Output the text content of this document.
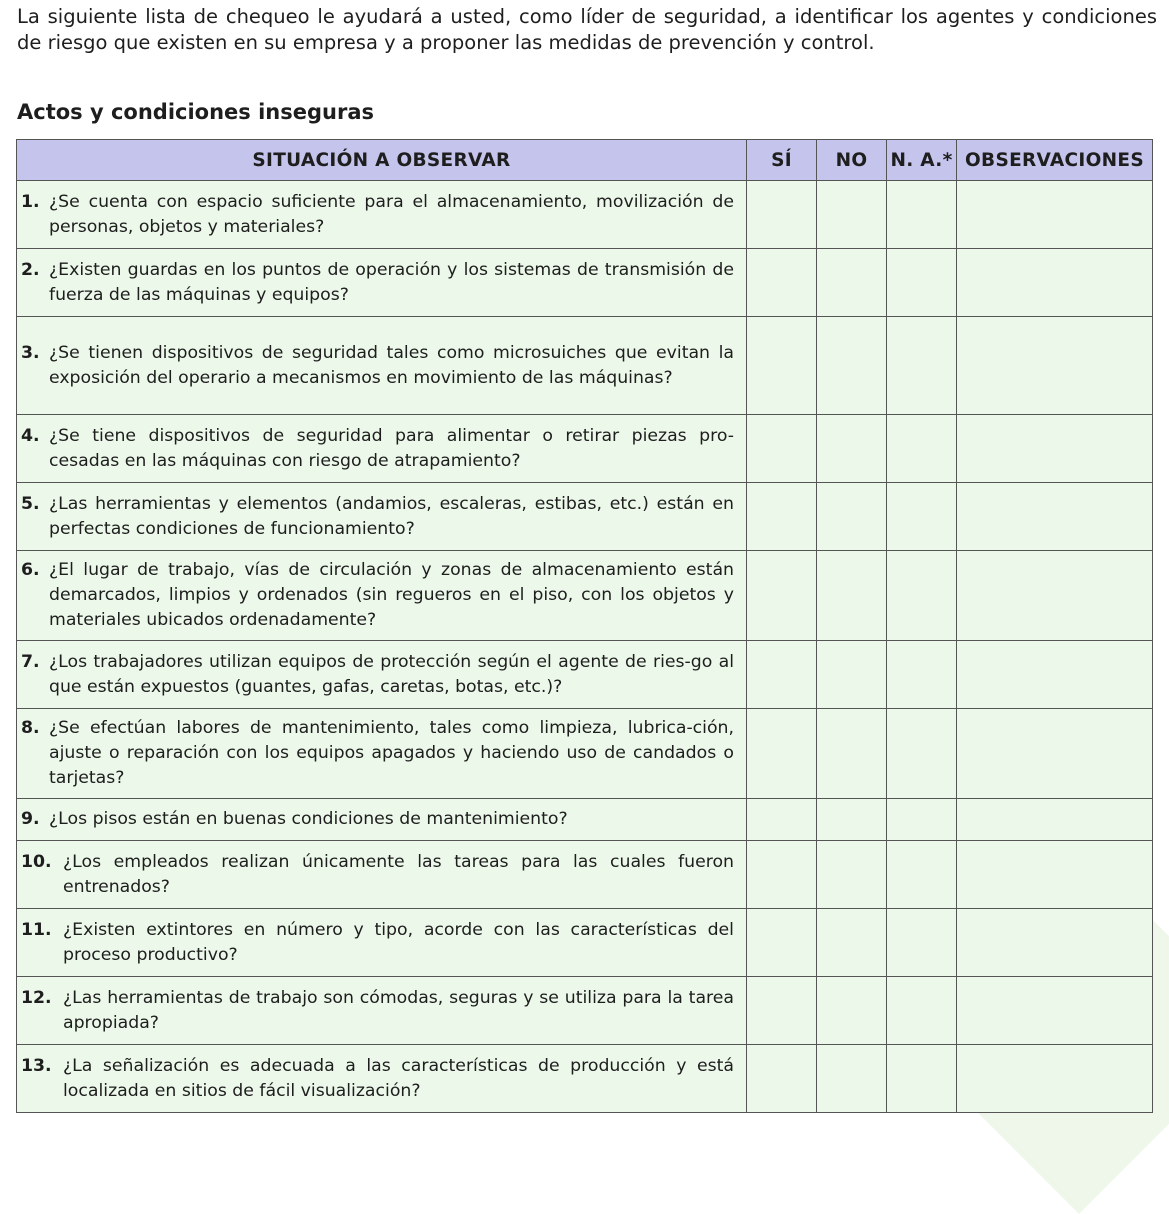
La siguiente lista de chequeo le ayudará a usted, como líder de seguridad, a identificar los agentes y condiciones de riesgo que existen en su empresa y a proponer las medidas de prevención y control.

Actos y condiciones inseguras
SITUACIÓN A OBSERVAR	SÍ	NO	N. A.*	OBSERVACIONES

1. ¿Se cuenta con espacio suficiente para el almacenamiento, movilización de personas, objetos y materiales?				

2. ¿Existen guardas en los puntos de operación y los sistemas de transmisión de fuerza de las máquinas y equipos?				

3. ¿Se tienen dispositivos de seguridad tales como microsuiches que evitan la exposición del operario a mecanismos en movimiento de las máquinas?				

4. ¿Se tiene dispositivos de seguridad para alimentar o retirar piezas pro-cesadas en las máquinas con riesgo de atrapamiento?				

5. ¿Las herramientas y elementos (andamios, escaleras, estibas, etc.) están en perfectas condiciones de funcionamiento?				

6. ¿El lugar de trabajo, vías de circulación y zonas de almacenamiento están demarcados, limpios y ordenados (sin regueros en el piso, con los objetos y materiales ubicados ordenadamente?				

7. ¿Los trabajadores utilizan equipos de protección según el agente de ries-go al que están expuestos (guantes, gafas, caretas, botas, etc.)?				

8. ¿Se efectúan labores de mantenimiento, tales como limpieza, lubrica-ción, ajuste o reparación con los equipos apagados y haciendo uso de candados o tarjetas?				

9. ¿Los pisos están en buenas condiciones de mantenimiento?				

10. ¿Los empleados realizan únicamente las tareas para las cuales fueron entrenados?				

11. ¿Existen extintores en número y tipo, acorde con las características del proceso productivo?				

12. ¿Las herramientas de trabajo son cómodas, seguras y se utiliza para la tarea apropiada?				

13. ¿La señalización es adecuada a las características de producción y está localizada en sitios de fácil visualización?				
